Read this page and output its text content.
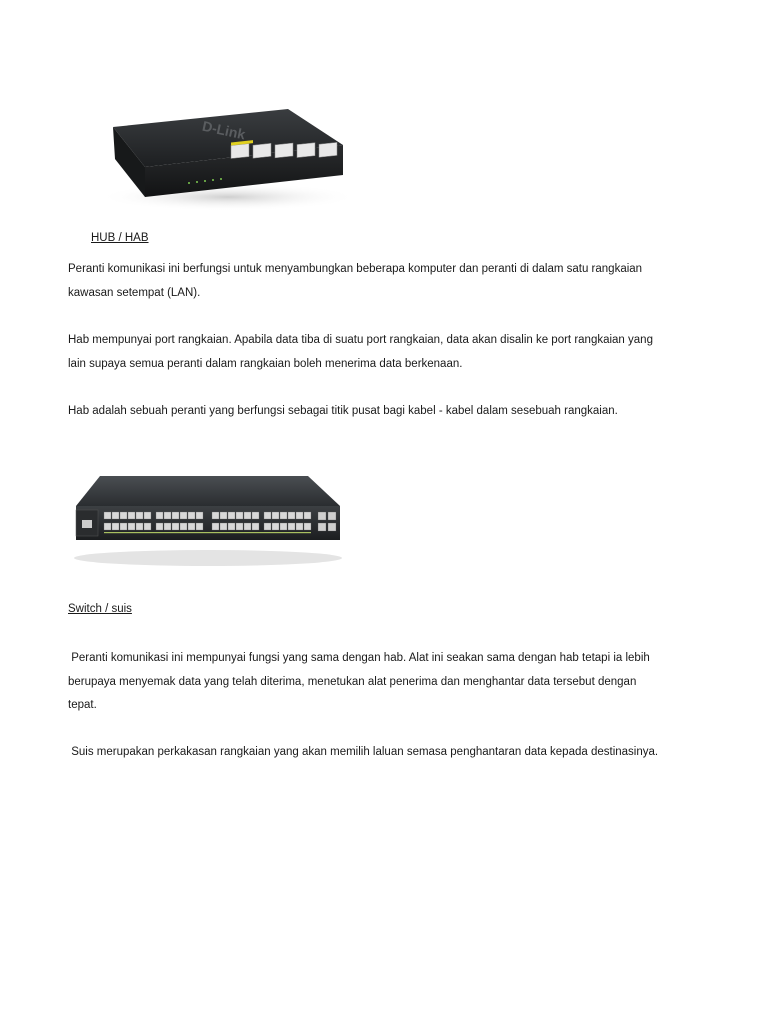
D-Link

HUB / HAB

Peranti komunikasi ini berfungsi untuk menyambungkan beberapa komputer dan peranti di dalam satu rangkaian kawasan setempat (LAN).

Hab mempunyai port rangkaian. Apabila data tiba di suatu port rangkaian, data akan disalin ke port rangkaian yang lain supaya semua peranti dalam rangkaian boleh menerima data berkenaan.

Hab adalah sebuah peranti yang berfungsi sebagai titik pusat bagi kabel - kabel dalam sesebuah rangkaian.

Switch / suis

Peranti komunikasi ini mempunyai fungsi yang sama dengan hab. Alat ini seakan sama dengan hab tetapi ia lebih berupaya menyemak data yang telah diterima, menetukan alat penerima dan menghantar data tersebut dengan tepat.

Suis merupakan perkakasan rangkaian yang akan memilih laluan semasa penghantaran data kepada destinasinya.
